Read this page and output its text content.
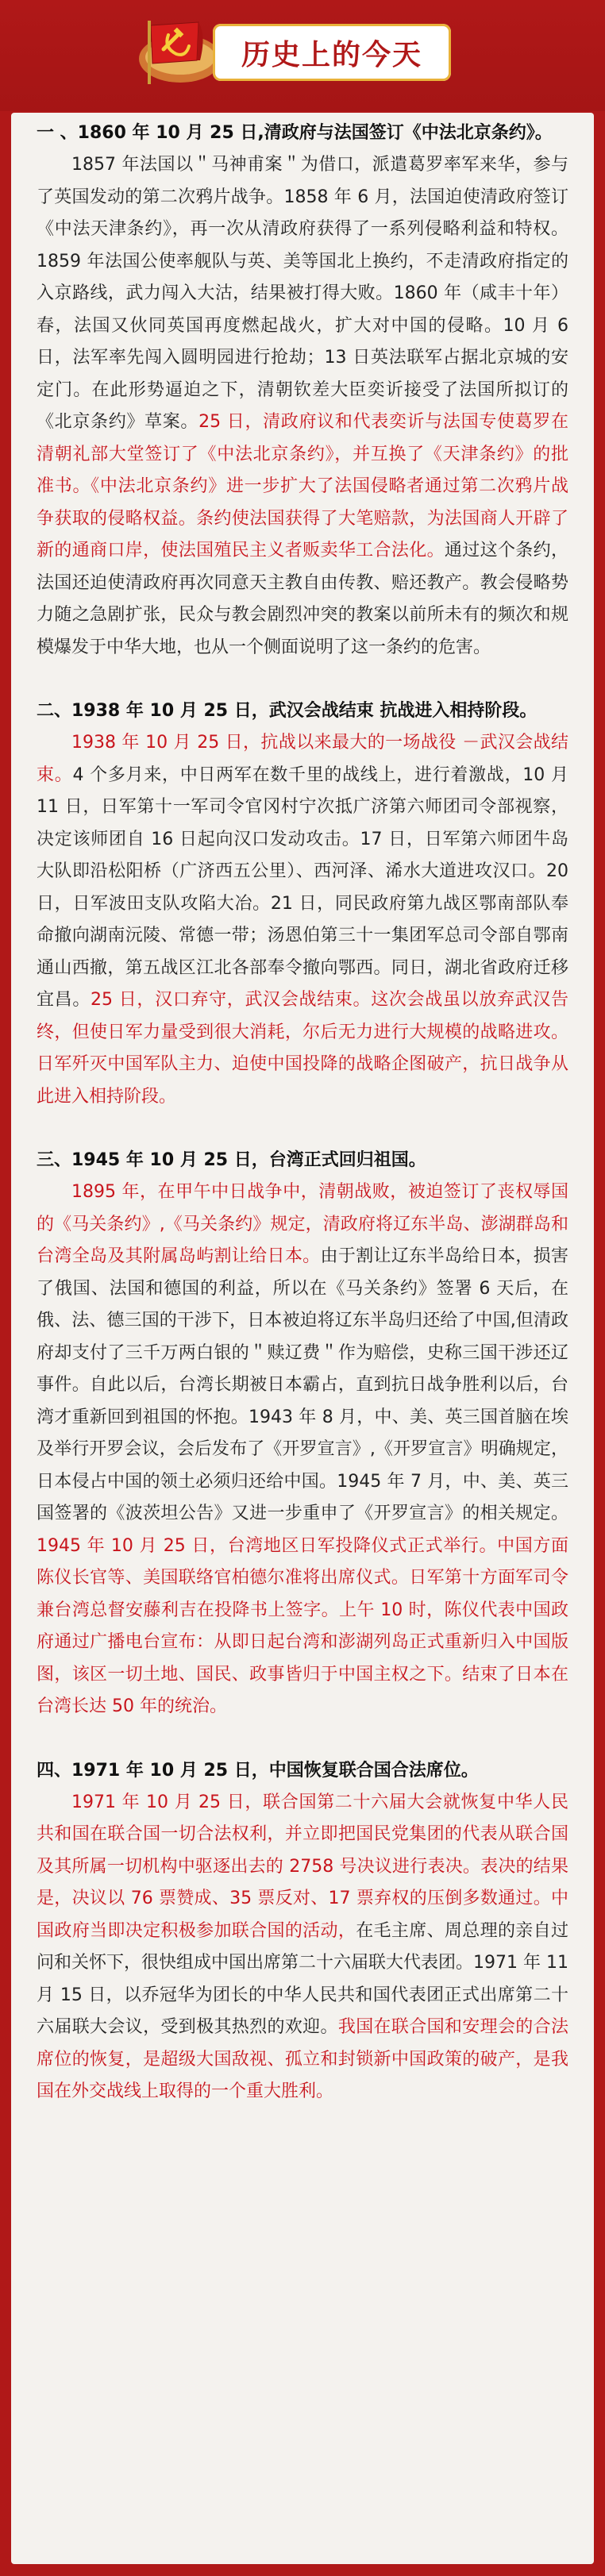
历史上的今天

一 、1860 年 10 月 25 日,清政府与法国签订《中法北京条约》。

1857 年法国以＂马神甫案＂为借口，派遣葛罗率军来华，参与了英国发动的第二次鸦片战争。1858 年 6 月，法国迫使清政府签订《中法天津条约》，再一次从清政府获得了一系列侵略利益和特权。1859 年法国公使率舰队与英、美等国北上换约，不走清政府指定的入京路线，武力闯入大沽，结果被打得大败。1860 年（咸丰十年）春，法国又伙同英国再度燃起战火，扩大对中国的侵略。10 月 6 日，法军率先闯入圆明园进行抢劫；13 日英法联军占据北京城的安定门。在此形势逼迫之下，清朝钦差大臣奕䜣接受了法国所拟订的《北京条约》草案。25 日，清政府议和代表奕䜣与法国专使葛罗在清朝礼部大堂签订了《中法北京条约》，并互换了《天津条约》的批准书。《中法北京条约》进一步扩大了法国侵略者通过第二次鸦片战争获取的侵略权益。条约使法国获得了大笔赔款，为法国商人开辟了新的通商口岸，使法国殖民主义者贩卖华工合法化。通过这个条约，法国还迫使清政府再次同意天主教自由传教、赔还教产。教会侵略势力随之急剧扩张，民众与教会剧烈冲突的教案以前所未有的频次和规模爆发于中华大地，也从一个侧面说明了这一条约的危害。

二、1938 年 10 月 25 日，武汉会战结束 抗战进入相持阶段。

1938 年 10 月 25 日，抗战以来最大的一场战役 －武汉会战结束。4 个多月来，中日两军在数千里的战线上，进行着激战，10 月 11 日，日军第十一军司令官冈村宁次抵广济第六师团司令部视察，决定该师团自 16 日起向汉口发动攻击。17 日，日军第六师团牛岛大队即沿松阳桥（广济西五公里）、西河泽、浠水大道进攻汉口。20 日，日军波田支队攻陷大冶。21 日，同民政府第九战区鄂南部队奉命撤向湖南沅陵、常德一带；汤恩伯第三十一集团军总司令部自鄂南通山西撤，第五战区江北各部奉令撤向鄂西。同日，湖北省政府迁移宜昌。25 日，汉口弃守，武汉会战结束。这次会战虽以放弃武汉告终，但使日军力量受到很大消耗，尔后无力进行大规模的战略进攻。日军歼灭中国军队主力、迫使中国投降的战略企图破产，抗日战争从此进入相持阶段。

三、1945 年 10 月 25 日，台湾正式回归祖国。

1895 年，在甲午中日战争中，清朝战败，被迫签订了丧权辱国的《马关条约》,《马关条约》规定，清政府将辽东半岛、澎湖群岛和台湾全岛及其附属岛屿割让给日本。由于割让辽东半岛给日本，损害了俄国、法国和德国的利益，所以在《马关条约》签署 6 天后，在俄、法、德三国的干涉下，日本被迫将辽东半岛归还给了中国,但清政府却支付了三千万两白银的＂赎辽费＂作为赔偿，史称三国干涉还辽事件。自此以后，台湾长期被日本霸占，直到抗日战争胜利以后，台湾才重新回到祖国的怀抱。1943 年 8 月，中、美、英三国首脑在埃及举行开罗会议，会后发布了《开罗宣言》,《开罗宣言》明确规定，日本侵占中国的领土必须归还给中国。1945 年 7 月，中、美、英三国签署的《波茨坦公告》又进一步重申了《开罗宣言》的相关规定。1945 年 10 月 25 日，台湾地区日军投降仪式正式举行。中国方面陈仪长官等、美国联络官柏德尔准将出席仪式。日军第十方面军司令兼台湾总督安藤利吉在投降书上签字。上午 10 时，陈仪代表中国政府通过广播电台宣布：从即日起台湾和澎湖列岛正式重新归入中国版图，该区一切土地、国民、政事皆归于中国主权之下。结束了日本在台湾长达 50 年的统治。

四、1971 年 10 月 25 日，中国恢复联合国合法席位。

1971 年 10 月 25 日，联合国第二十六届大会就恢复中华人民共和国在联合国一切合法权利，并立即把国民党集团的代表从联合国及其所属一切机构中驱逐出去的 2758 号决议进行表决。表决的结果是，决议以 76 票赞成、35 票反对、17 票弃权的压倒多数通过。中国政府当即决定积极参加联合国的活动，在毛主席、周总理的亲自过问和关怀下，很快组成中国出席第二十六届联大代表团。1971 年 11 月 15 日，以乔冠华为团长的中华人民共和国代表团正式出席第二十六届联大会议，受到极其热烈的欢迎。我国在联合国和安理会的合法席位的恢复，是超级大国敌视、孤立和封锁新中国政策的破产，是我国在外交战线上取得的一个重大胜利。
